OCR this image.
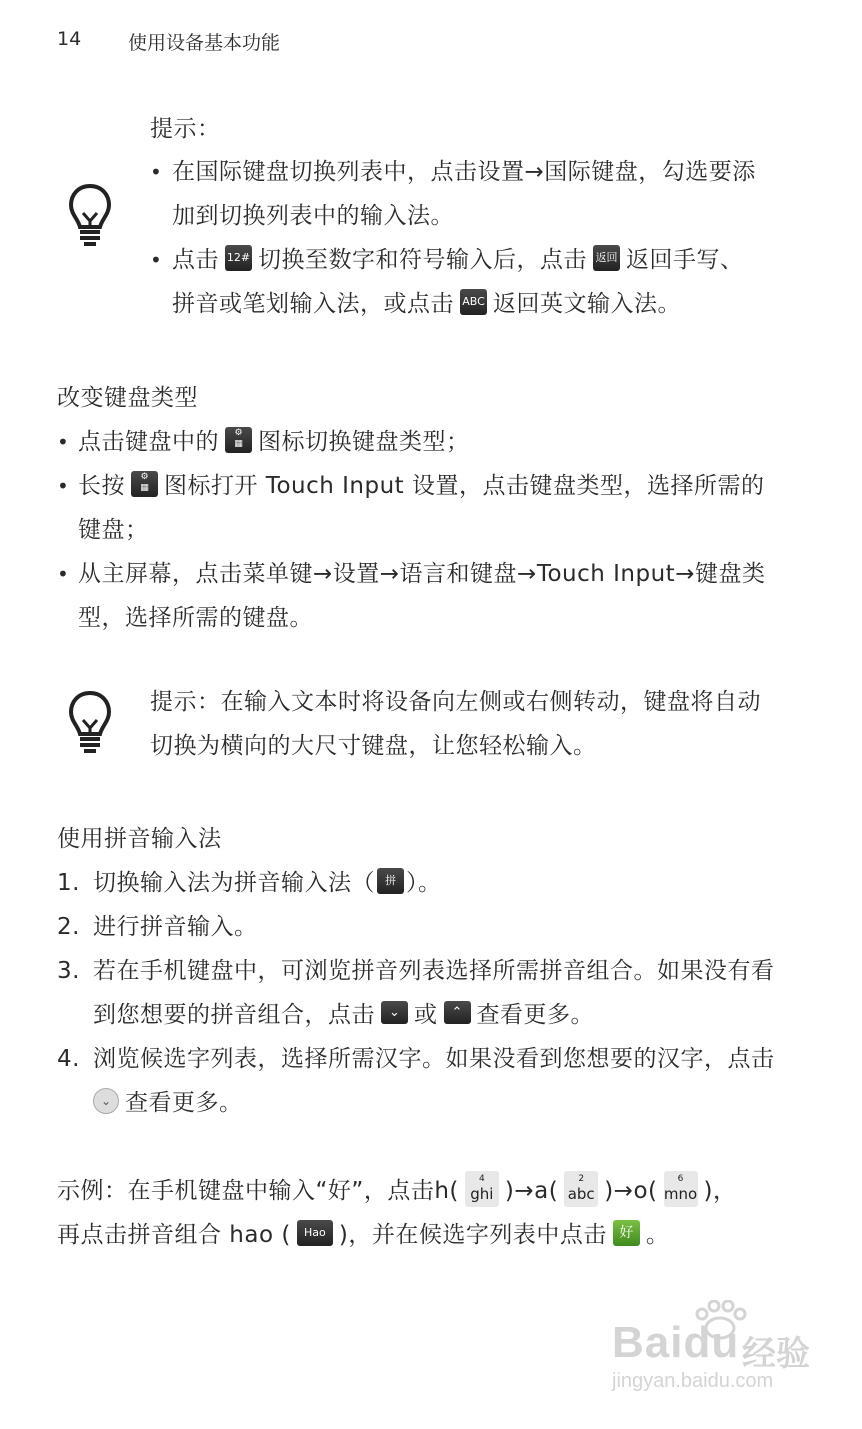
14 使用设备基本功能
提示：
• 在国际键盘切换列表中，点击设置→国际键盘，勾选要添
加到切换列表中的输入法。
• 点击 12# 切换至数字和符号输入后，点击 返回 返回手写、
拼音或笔划输入法，或点击 ABC 返回英文输入法。
改变键盘类型
• 点击键盘中的	⚙
▦ 图标切换键盘类型；
• 长按	⚙
▦ 图标打开 Touch Input 设置，点击键盘类型，选择所需的
键盘；
• 从主屏幕，点击菜单键→设置→语言和键盘→Touch Input→键盘类
型，选择所需的键盘。
提示：在输入文本时将设备向左侧或右侧转动，键盘将自动
切换为横向的大尺寸键盘，让您轻松输入。
使用拼音输入法
1. 切换输入法为拼音输入法（ 拼 ）。
2. 进行拼音输入。
3. 若在手机键盘中，可浏览拼音列表选择所需拼音组合。如果没有看
到您想要的拼音组合，点击 ⌄ 或 ⌃ 查看更多。
4. 浏览候选字列表，选择所需汉字。如果没看到您想要的汉字，点击
⌄ 查看更多。
示例：在手机键盘中输入“好”，点击h(	4
ghi )→a(	2
abc )→o(	6
mno )，
再点击拼音组合 hao ( Hao )，并在候选字列表中点击 好 。
Baidu 经验
jingyan.baidu.com
